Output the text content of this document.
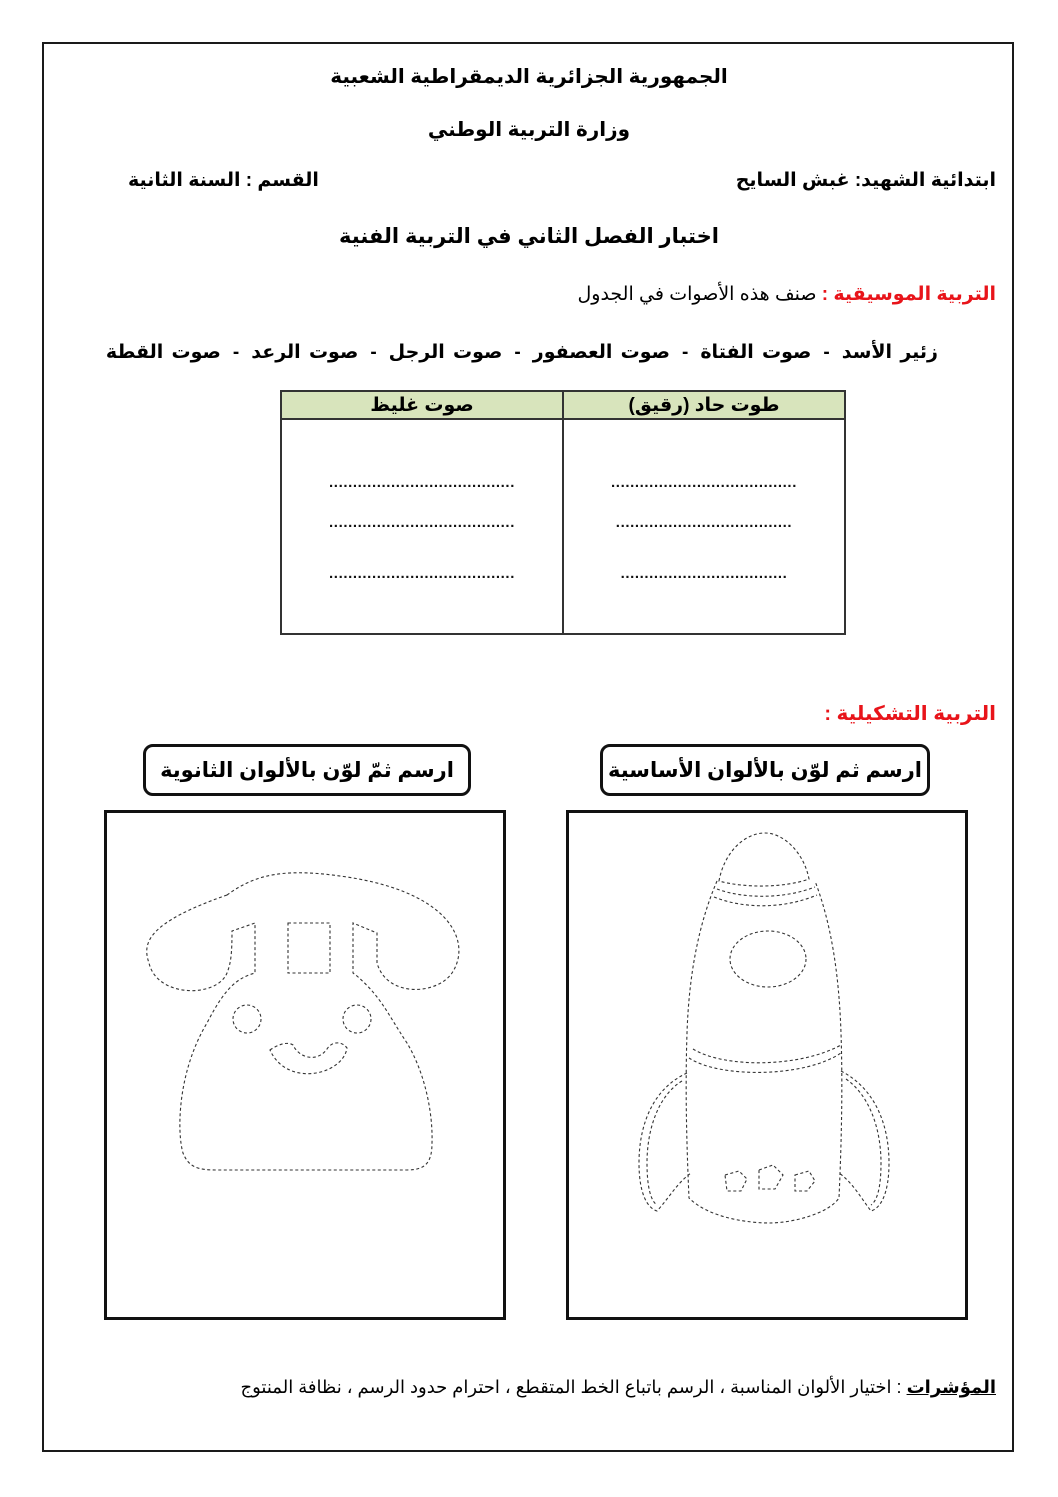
الجمهورية الجزائرية الديمقراطية الشعبية
وزارة التربية الوطني
ابتدائية الشهيد: غبش السايح
القسم : السنة الثانية
اختبار الفصل الثاني في التربية الفنية
التربية الموسيقية : صنف هذه الأصوات في الجدول
زئير الأسد-صوت الفتاة-صوت العصفور-صوت الرجل-صوت الرعد-صوت القطة
طوت حاد (رقيق)	صوت غليظ
.......................................	.......................................
.....................................	.......................................
...................................	.......................................
التربية التشكيلية :
ارسم ثم لوّن بالألوان الأساسية
ارسم ثمّ لوّن بالألوان الثانوية
المؤشرات : اختيار الألوان المناسبة ، الرسم باتباع الخط المتقطع ، احترام حدود الرسم ، نظافة المنتوج
